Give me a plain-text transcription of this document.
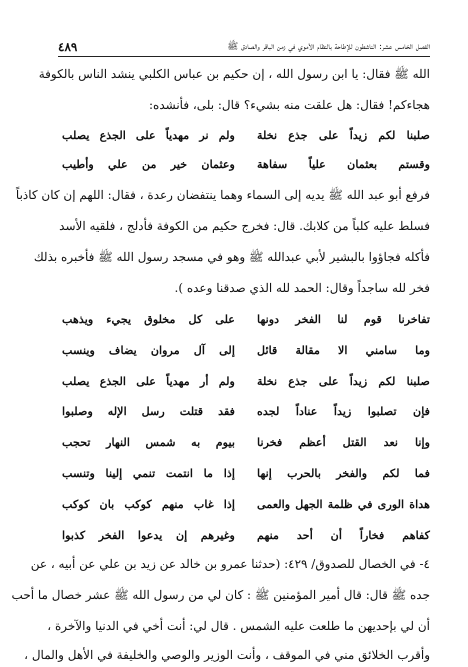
٤٨٩	الفصل الخامس عشر: الناشطون للإطاحة بالنظام الأموي في زمن الباقر والصادق ﷺ
الله ﷺ فقال: يا ابن رسول الله ، إن حكيم بن عباس الكلبي ينشد الناس بالكوفة
هجاءكم! فقال: هل علقت منه بشيء؟ قال: بلى، فأنشده:
صلبنا لكم زيداً على جذع نخلة
ولم نر مهدياً على الجذع يصلب
وقستم بعثمان علياً سفاهة
وعثمان خير من علي وأطيب
فرفع أبو عبد الله ﷺ يديه إلى السماء وهما ينتفضان رعدة ، فقال: اللهم إن كان كاذباً
فسلط عليه كلباً من كلابك. قال: فخرج حكيم من الكوفة فأدلج ، فلقيه الأسد
فأكله فجاؤوا بالبشير لأبي عبدالله ﷺ وهو في مسجد رسول الله ﷺ فأخبره بذلك
فخر لله ساجداً وقال: الحمد لله الذي صدقنا وعده ).
تفاخرنا قوم لنا الفخر دونها
على كل مخلوق يجيء ويذهب
وما سامني الا مقالة قائل
إلى آل مروان يضاف وينسب
صلبنا لكم زيداً على جذع نخلة
ولم أر مهدياً على الجذع يصلب
فإن تصلبوا زيداً عناداً لجده
فقد قتلت رسل الإله وصلبوا
وإنا نعد القتل أعظم فخرنا
بيوم به شمس النهار تحجب
فما لكم والفخر بالحرب إنها
إذا ما انتمت تنمي إلينا وتنسب
هداة الورى في ظلمة الجهل والعمى
إذا غاب منهم كوكب بان كوكب
كفاهم فخاراً أن أحد منهم
وغيرهم إن يدعوا الفخر كذبوا
٤- في الخصال للصدوق/ ٤٢٩: (حدثنا عمرو بن خالد عن زيد بن علي عن أبيه ، عن
جده ﷺ قال: قال أمير المؤمنين ﷺ : كان لي من رسول الله ﷺ عشر خصال ما أحب
أن لي بإحديهن ما طلعت عليه الشمس . قال لي: أنت أخي في الدنيا والآخرة ،
وأقرب الخلائق مني في الموقف ، وأنت الوزير والوصي والخليفة في الأهل والمال ،
